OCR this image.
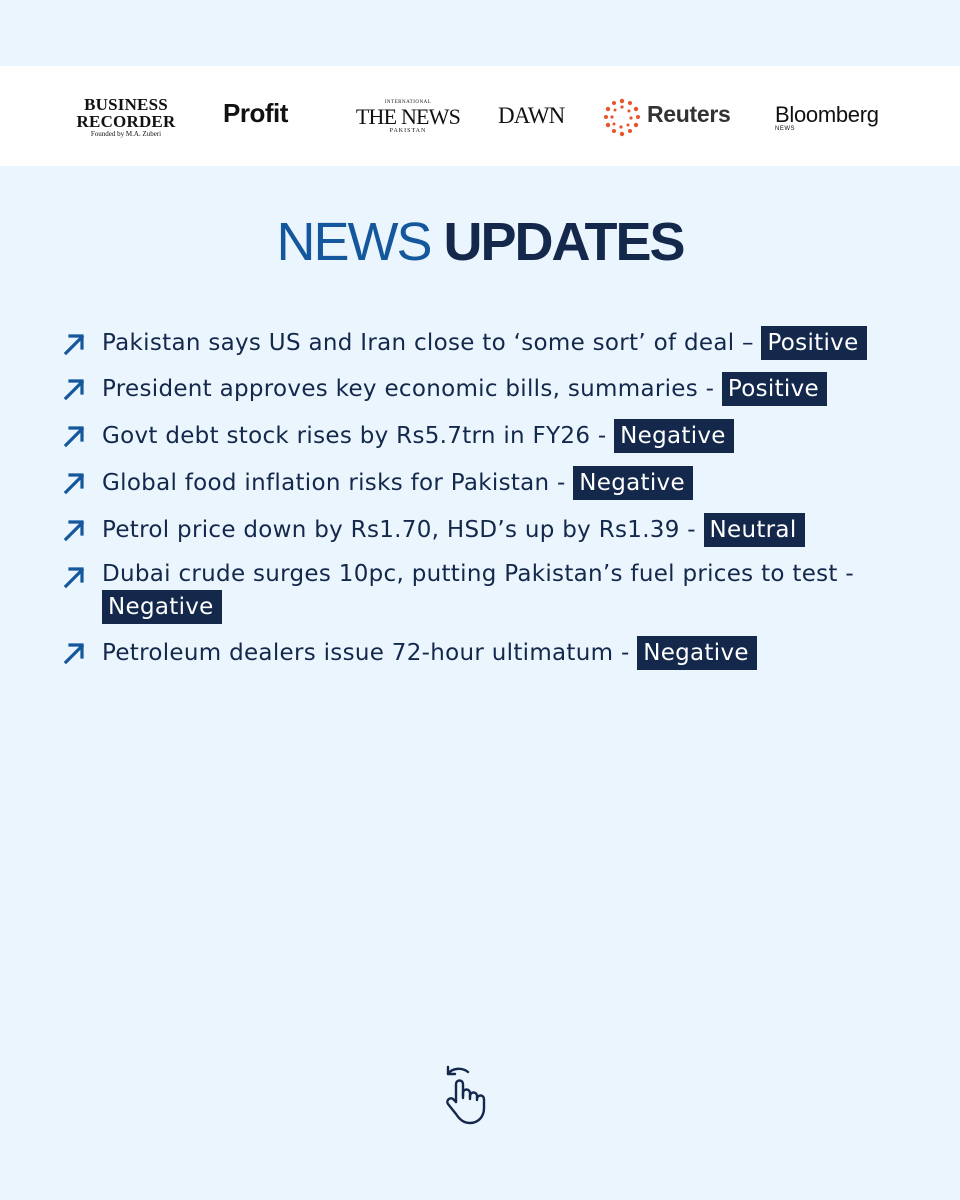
BUSINESS
RECORDER
Founded by M.A. Zuberi
Profit	INTERNATIONAL
THE NEWS
PAKISTAN
DAWN	Reuters Bloomberg
NEWS
NEWS UPDATES
Pakistan says US and Iran close to ‘some sort’ of deal – Positive
President approves key economic bills, summaries - Positive
Govt debt stock rises by Rs5.7trn in FY26 - Negative
Global food inflation risks for Pakistan - Negative
Petrol price down by Rs1.70, HSD’s up by Rs1.39 - Neutral
Dubai crude surges 10pc, putting Pakistan’s fuel prices to test - Negative
Petroleum dealers issue 72-hour ultimatum - Negative
